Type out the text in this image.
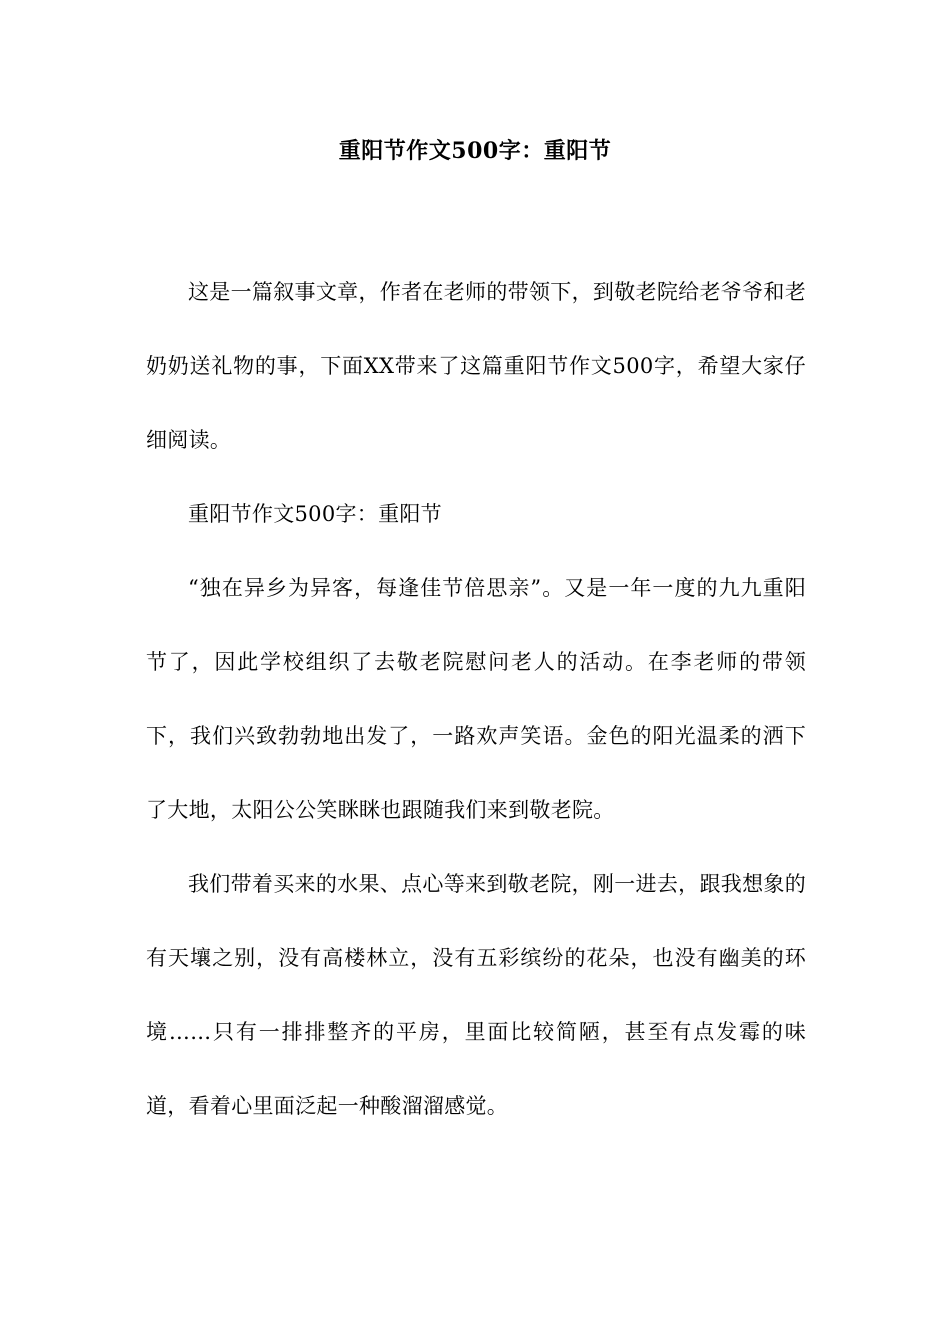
重阳节作文500字：重阳节

这是一篇叙事文章，作者在老师的带领下，到敬老院给老爷爷和老奶奶送礼物的事，下面XX带来了这篇重阳节作文500字，希望大家仔细阅读。

重阳节作文500字：重阳节

“独在异乡为异客，每逢佳节倍思亲”。又是一年一度的九九重阳节了，因此学校组织了去敬老院慰问老人的活动。在李老师的带领下，我们兴致勃勃地出发了，一路欢声笑语。金色的阳光温柔的洒下了大地，太阳公公笑眯眯也跟随我们来到敬老院。

我们带着买来的水果、点心等来到敬老院，刚一进去，跟我想象的有天壤之别，没有高楼林立，没有五彩缤纷的花朵，也没有幽美的环境……只有一排排整齐的平房，里面比较简陋，甚至有点发霉的味道，看着心里面泛起一种酸溜溜感觉。
